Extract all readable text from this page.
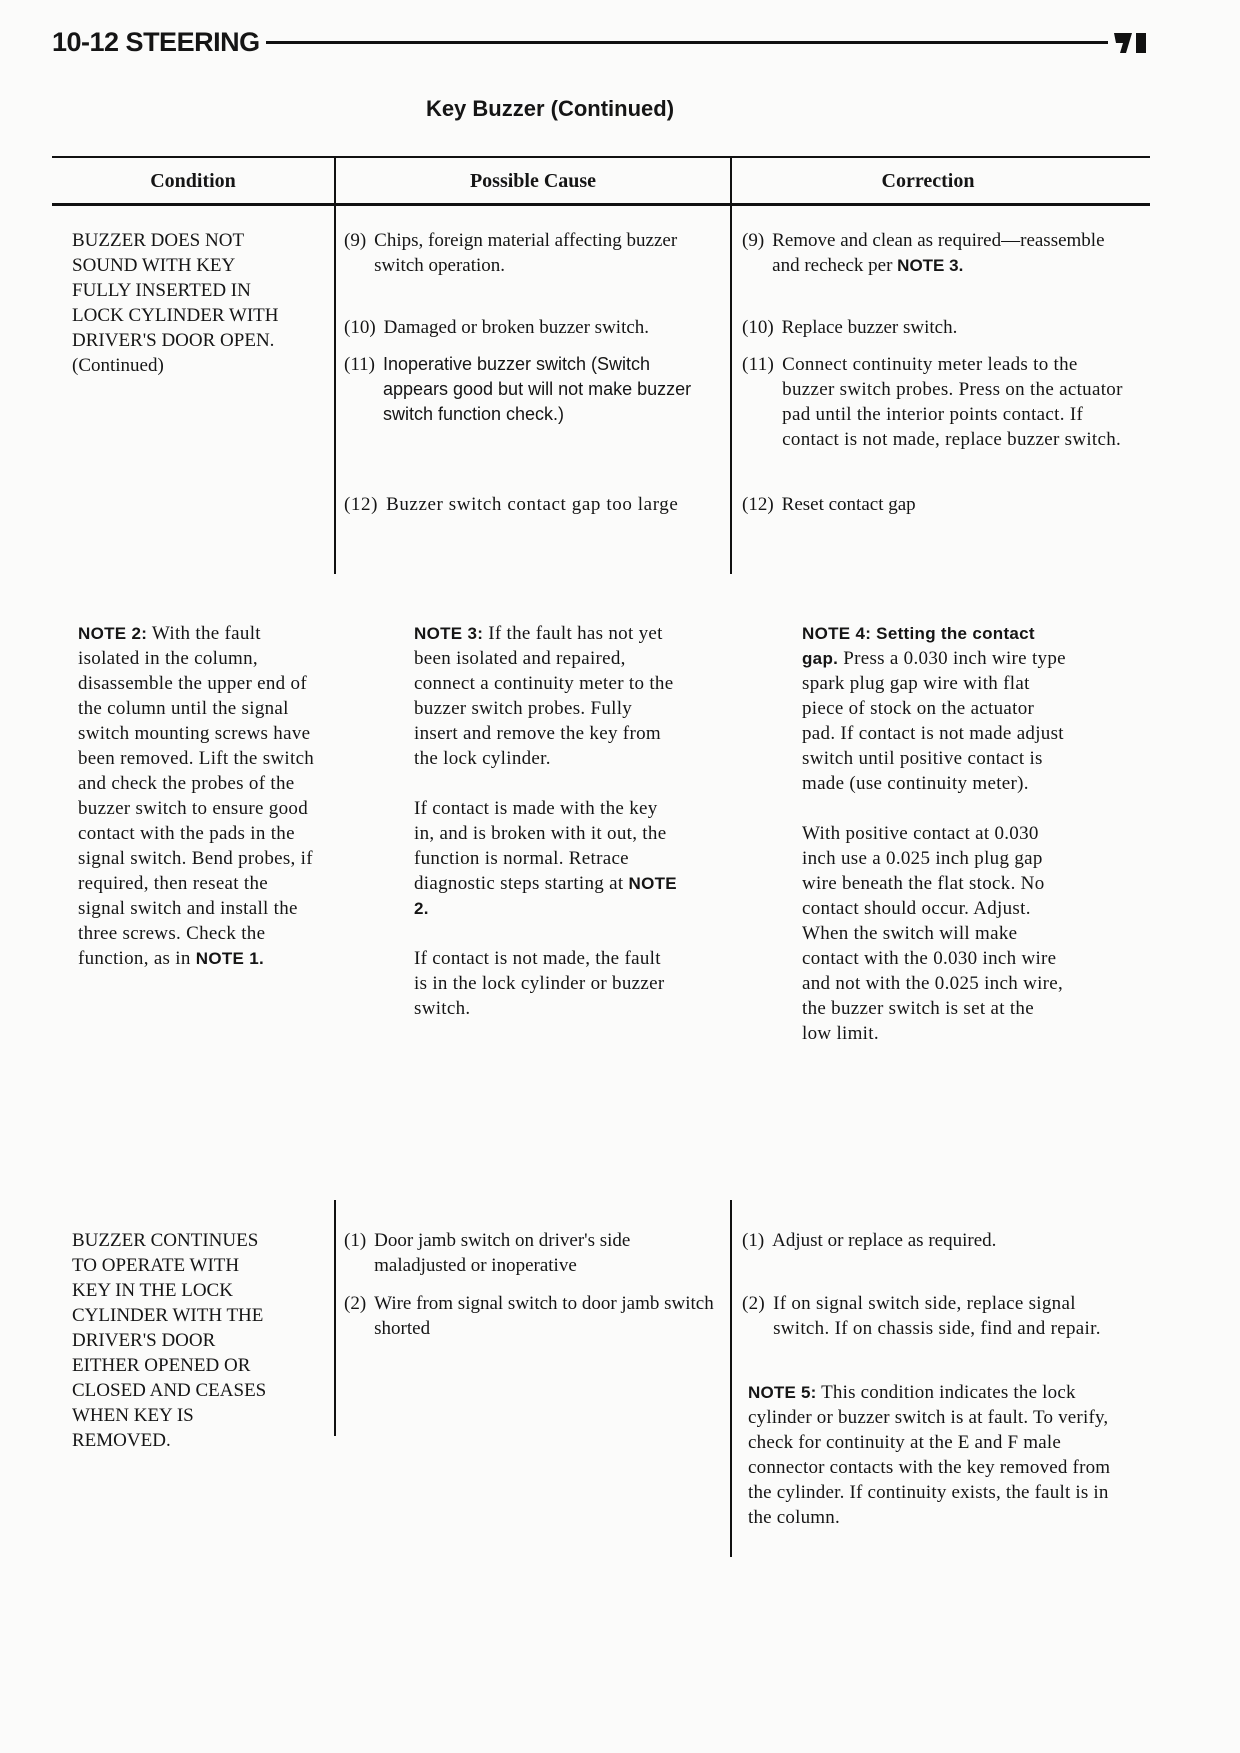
10-12 STEERING
Key Buzzer (Continued)

Condition	Possible Cause	Correction
BUZZER DOES NOT
SOUND WITH KEY
FULLY INSERTED IN
LOCK CYLINDER WITH
DRIVER'S DOOR OPEN.
(Continued)
(9) Chips, foreign material affecting buzzer switch operation.
(10) Damaged or broken buzzer switch.
(11) Inoperative buzzer switch (Switch appears good but will not make buzzer switch function check.)
(12) Buzzer switch contact gap too large
(9) Remove and clean as required—reassemble and recheck per NOTE 3.
(10) Replace buzzer switch.
(11) Connect continuity meter leads to the buzzer switch probes. Press on the actuator pad until the interior points contact. If contact is not made, replace buzzer switch.
(12) Reset contact gap
NOTE 2: With the fault isolated in the column, disassemble the upper end of the column until the signal switch mounting screws have been removed. Lift the switch and check the probes of the buzzer switch to ensure good contact with the pads in the signal switch. Bend probes, if required, then reseat the signal switch and install the three screws. Check the function, as in NOTE 1.
NOTE 3: If the fault has not yet been isolated and repaired, connect a continuity meter to the buzzer switch probes. Fully insert and remove the key from the lock cylinder.
If contact is made with the key in, and is broken with it out, the function is normal. Retrace diagnostic steps starting at NOTE 2.
If contact is not made, the fault is in the lock cylinder or buzzer switch.
NOTE 4: Setting the contact gap. Press a 0.030 inch wire type spark plug gap wire with flat piece of stock on the actuator pad. If contact is not made adjust switch until positive contact is made (use continuity meter).
With positive contact at 0.030 inch use a 0.025 inch plug gap wire beneath the flat stock. No contact should occur. Adjust. When the switch will make contact with the 0.030 inch wire and not with the 0.025 inch wire, the buzzer switch is set at the low limit.
BUZZER CONTINUES
TO OPERATE WITH
KEY IN THE LOCK
CYLINDER WITH THE
DRIVER'S DOOR
EITHER OPENED OR
CLOSED AND CEASES
WHEN KEY IS
REMOVED.
(1) Door jamb switch on driver's side maladjusted or inoperative
(2) Wire from signal switch to door jamb switch shorted
(1) Adjust or replace as required.
(2) If on signal switch side, replace signal switch. If on chassis side, find and repair.
NOTE 5: This condition indicates the lock cylinder or buzzer switch is at fault. To verify, check for continuity at the E and F male connector contacts with the key removed from the cylinder. If continuity exists, the fault is in the column.
